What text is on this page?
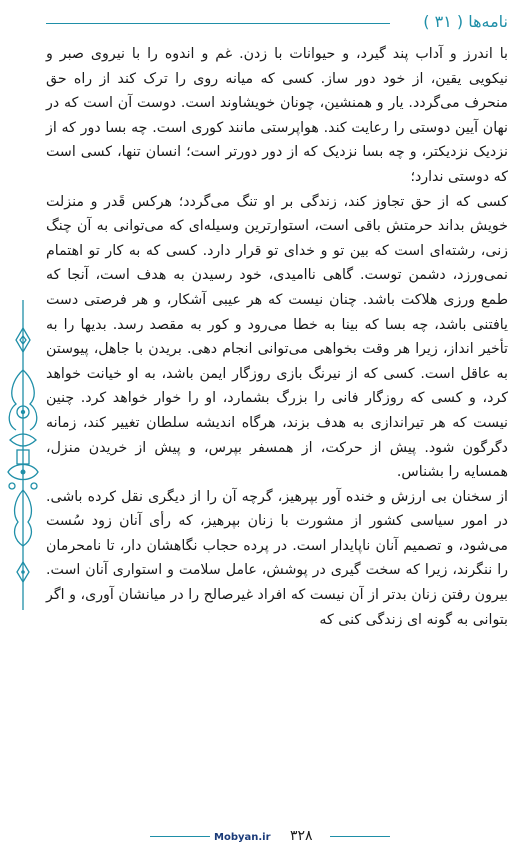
نامه‌ها ( ۳۱ )

با اندرز و آداب پند گیرد، و حیوانات با زدن. غم و اندوه را با نیروی صبر و نیکویی یقین، از خود دور ساز. کسی که میانه روی را ترک کند از راه حق منحرف می‌گردد. یار و همنشین، چونان خویشاوند است. دوست آن است که در نهان آیین دوستی را رعایت کند. هواپرستی مانند کوری است. چه بسا دور که از نزدیک نزدیکتر، و چه بسا نزدیک که از دور دورتر است؛ انسان تنها، کسی است که دوستی ندارد؛

کسی که از حق تجاوز کند، زندگی بر او تنگ می‌گردد؛ هرکس قَدر و منزلت خویش بداند حرمتش باقی است، استوارترین وسیله‌ای که می‌توانی به آن چنگ زنی، رشته‌ای است که بین تو و خدای تو قرار دارد. کسی که به کار تو اهتمام نمی‌ورزد، دشمن توست. گاهی ناامیدی، خود رسیدن به هدف است، آنجا که طمع ورزی هلاکت باشد. چنان نیست که هر عیبی آشکار، و هر فرصتی دست یافتنی باشد، چه بسا که بینا به خطا می‌رود و کور به مقصد رسد. بدیها را به تأخیر انداز، زیرا هر وقت بخواهی می‌توانی انجام دهی. بریدن با جاهل، پیوستن به عاقل است. کسی که از نیرنگ بازی روزگار ایمن باشد، به او خیانت خواهد کرد، و کسی که روزگار فانی را بزرگ بشمارد، او را خوار خواهد کرد. چنین نیست که هر تیراندازی به هدف بزند، هرگاه اندیشه سلطان تغییر کند، زمانه دگرگون شود. پیش از حرکت، از همسفر بپرس، و پیش از خریدن منزل، همسایه را بشناس.

از سخنان بی ارزش و خنده آور بپرهیز، گرچه آن را از دیگری نقل کرده باشی. در امور سیاسی کشور از مشورت با زنان بپرهیز، که رأی آنان زود سُست می‌شود، و تصمیم آنان ناپایدار است. در پرده حجاب نگاهشان دار، تا نامحرمان را ننگرند، زیرا که سخت گیری در پوشش، عامل سلامت و استواری آنان است. بیرون رفتن زنان بدتر از آن نیست که افراد غیرصالح را در میانشان آوری، و اگر بتوانی به گونه ای زندگی کنی که

Mobyan.ir ۳۲۸
